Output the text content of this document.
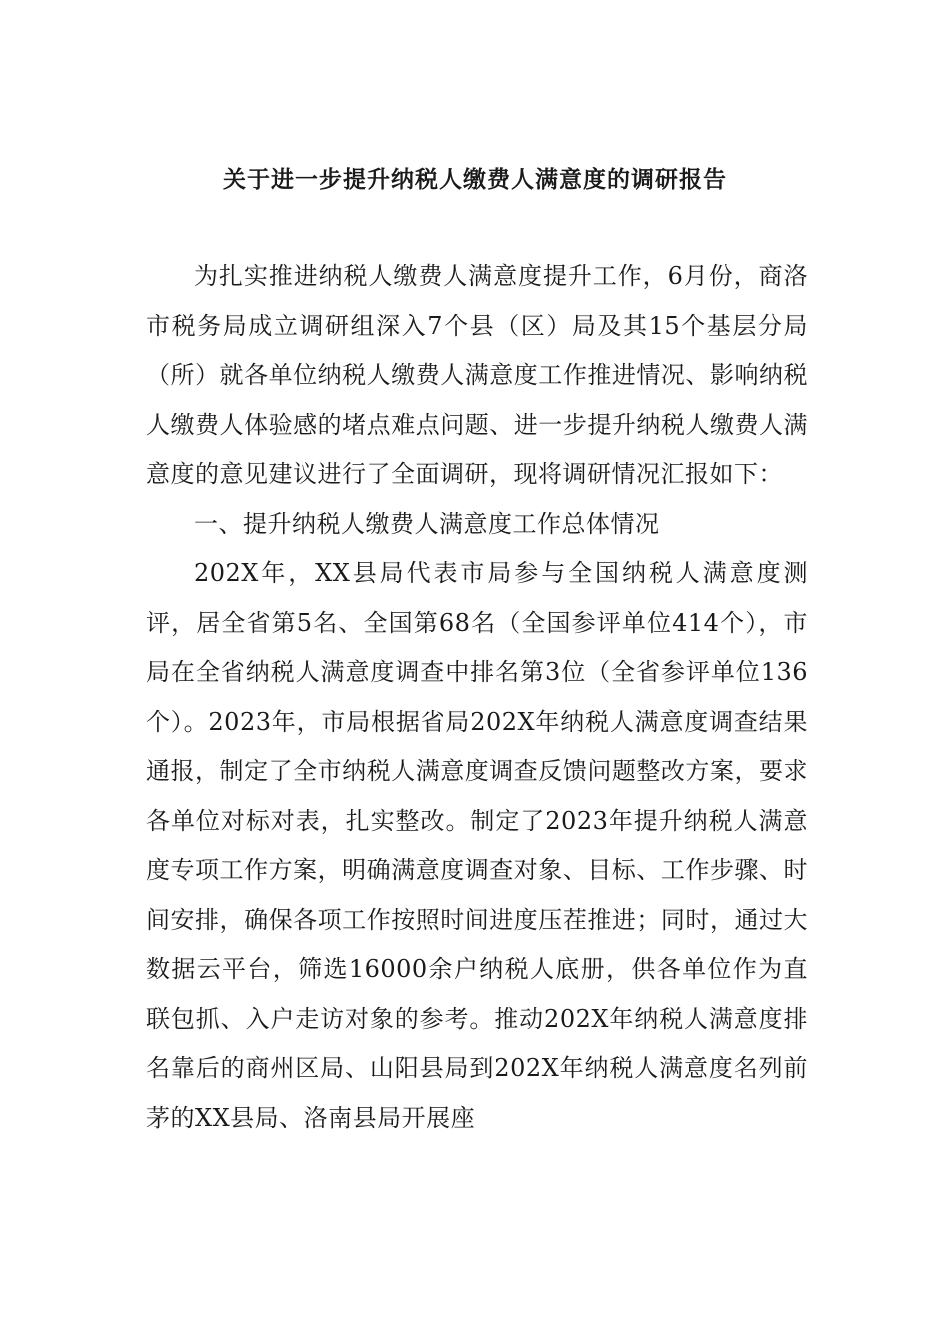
关于进一步提升纳税人缴费人满意度的调研报告

为扎实推进纳税人缴费人满意度提升工作，6月份，商洛市税务局成立调研组深入7个县（区）局及其15个基层分局（所）就各单位纳税人缴费人满意度工作推进情况、影响纳税人缴费人体验感的堵点难点问题、进一步提升纳税人缴费人满意度的意见建议进行了全面调研，现将调研情况汇报如下：

一、提升纳税人缴费人满意度工作总体情况

202X年，XX县局代表市局参与全国纳税人满意度测评，居全省第5名、全国第68名（全国参评单位414个），市局在全省纳税人满意度调查中排名第3位（全省参评单位136个）。2023年，市局根据省局202X年纳税人满意度调查结果通报，制定了全市纳税人满意度调查反馈问题整改方案，要求各单位对标对表，扎实整改。制定了2023年提升纳税人满意度专项工作方案，明确满意度调查对象、目标、工作步骤、时间安排，确保各项工作按照时间进度压茬推进；同时，通过大数据云平台，筛选16000余户纳税人底册，供各单位作为直联包抓、入户走访对象的参考。推动202X年纳税人满意度排名靠后的商州区局、山阳县局到202X年纳税人满意度名列前茅的XX县局、洛南县局开展座
